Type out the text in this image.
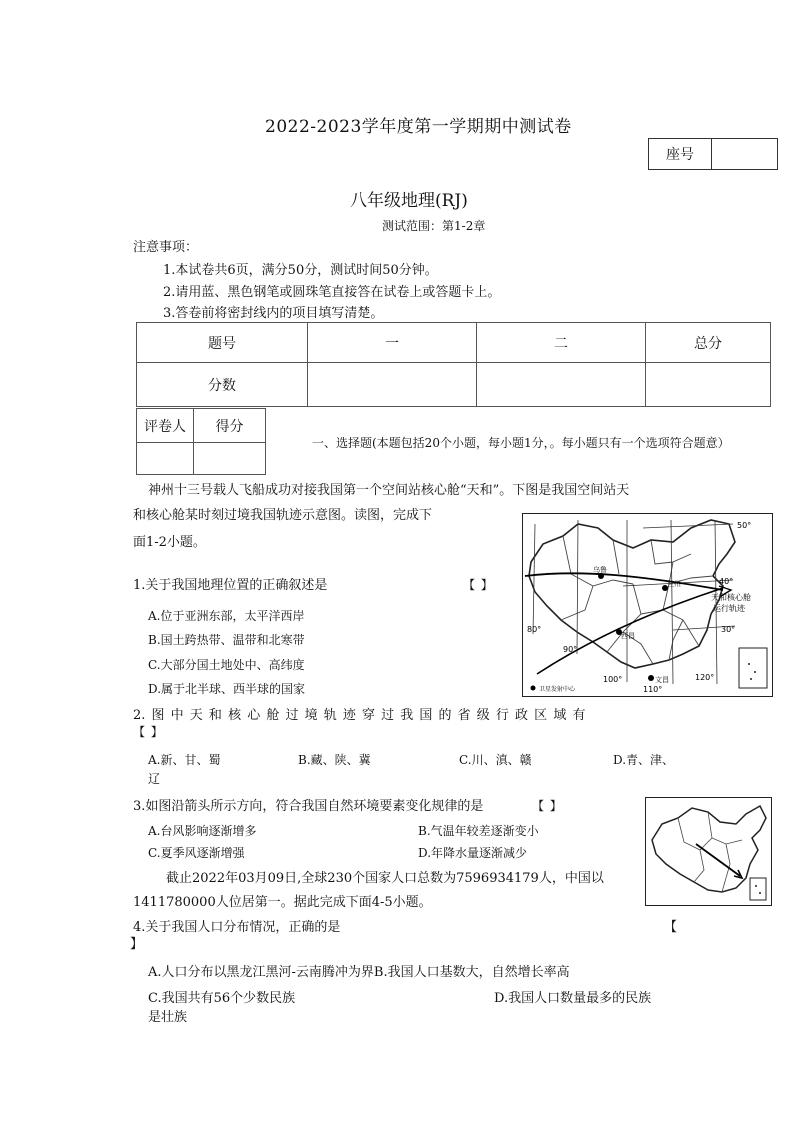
2022-2023学年度第一学期期中测试卷
座号
八年级地理(RJ)
测试范围：第1-2章
注意事项：
1.本试卷共6页，满分50分，测试时间50分钟。
2.请用蓝、黑色钢笔或圆珠笔直接答在试卷上或答题卡上。
3.答卷前将密封线内的项目填写清楚。
题号	一	二	总分
分数			
评卷人	得分

一、选择题(本题包括20个小题，每小题1分，。每小题只有一个选项符合题意）
神州十三号载人飞船成功对接我国第一个空间站核心舱“天和”。下图是我国空间站天
和核心舱某时刻过境我国轨迹示意图。读图，完成下
面1-2小题。
50°
40°
30°
80°
90°
100°
110°
120°
天和核心舱
运行轨迹
乌鲁
兰州
西昌
文昌
卫星发射中心
1.关于我国地理位置的正确叙述是	【 】
A.位于亚洲东部，太平洋西岸
B.国土跨热带、温带和北寒带
C.大部分国土地处中、高纬度
D.属于北半球、西半球的国家
2. 图 中 天 和 核 心 舱 过 境 轨 迹 穿 过 我 国 的 省 级 行 政 区 域 有
【 】
A.新、甘、蜀	B.藏、陕、冀	C.川、滇、赣	D.青、津、
辽
3.如图沿箭头所示方向，符合我国自然环境要素变化规律的是	【 】
A.台风影响逐渐增多	B.气温年较差逐渐变小
C.夏季风逐渐增强	D.年降水量逐渐减少
截止2022年03月09日,全球230个国家人口总数为7596934179人，中国以
1411780000人位居第一。据此完成下面4-5小题。
4.关于我国人口分布情况，正确的是	【
】
A.人口分布以黑龙江黑河-云南腾冲为界B.我国人口基数大，自然增长率高
C.我国共有56个少数民族	D.我国人口数量最多的民族
是壮族
